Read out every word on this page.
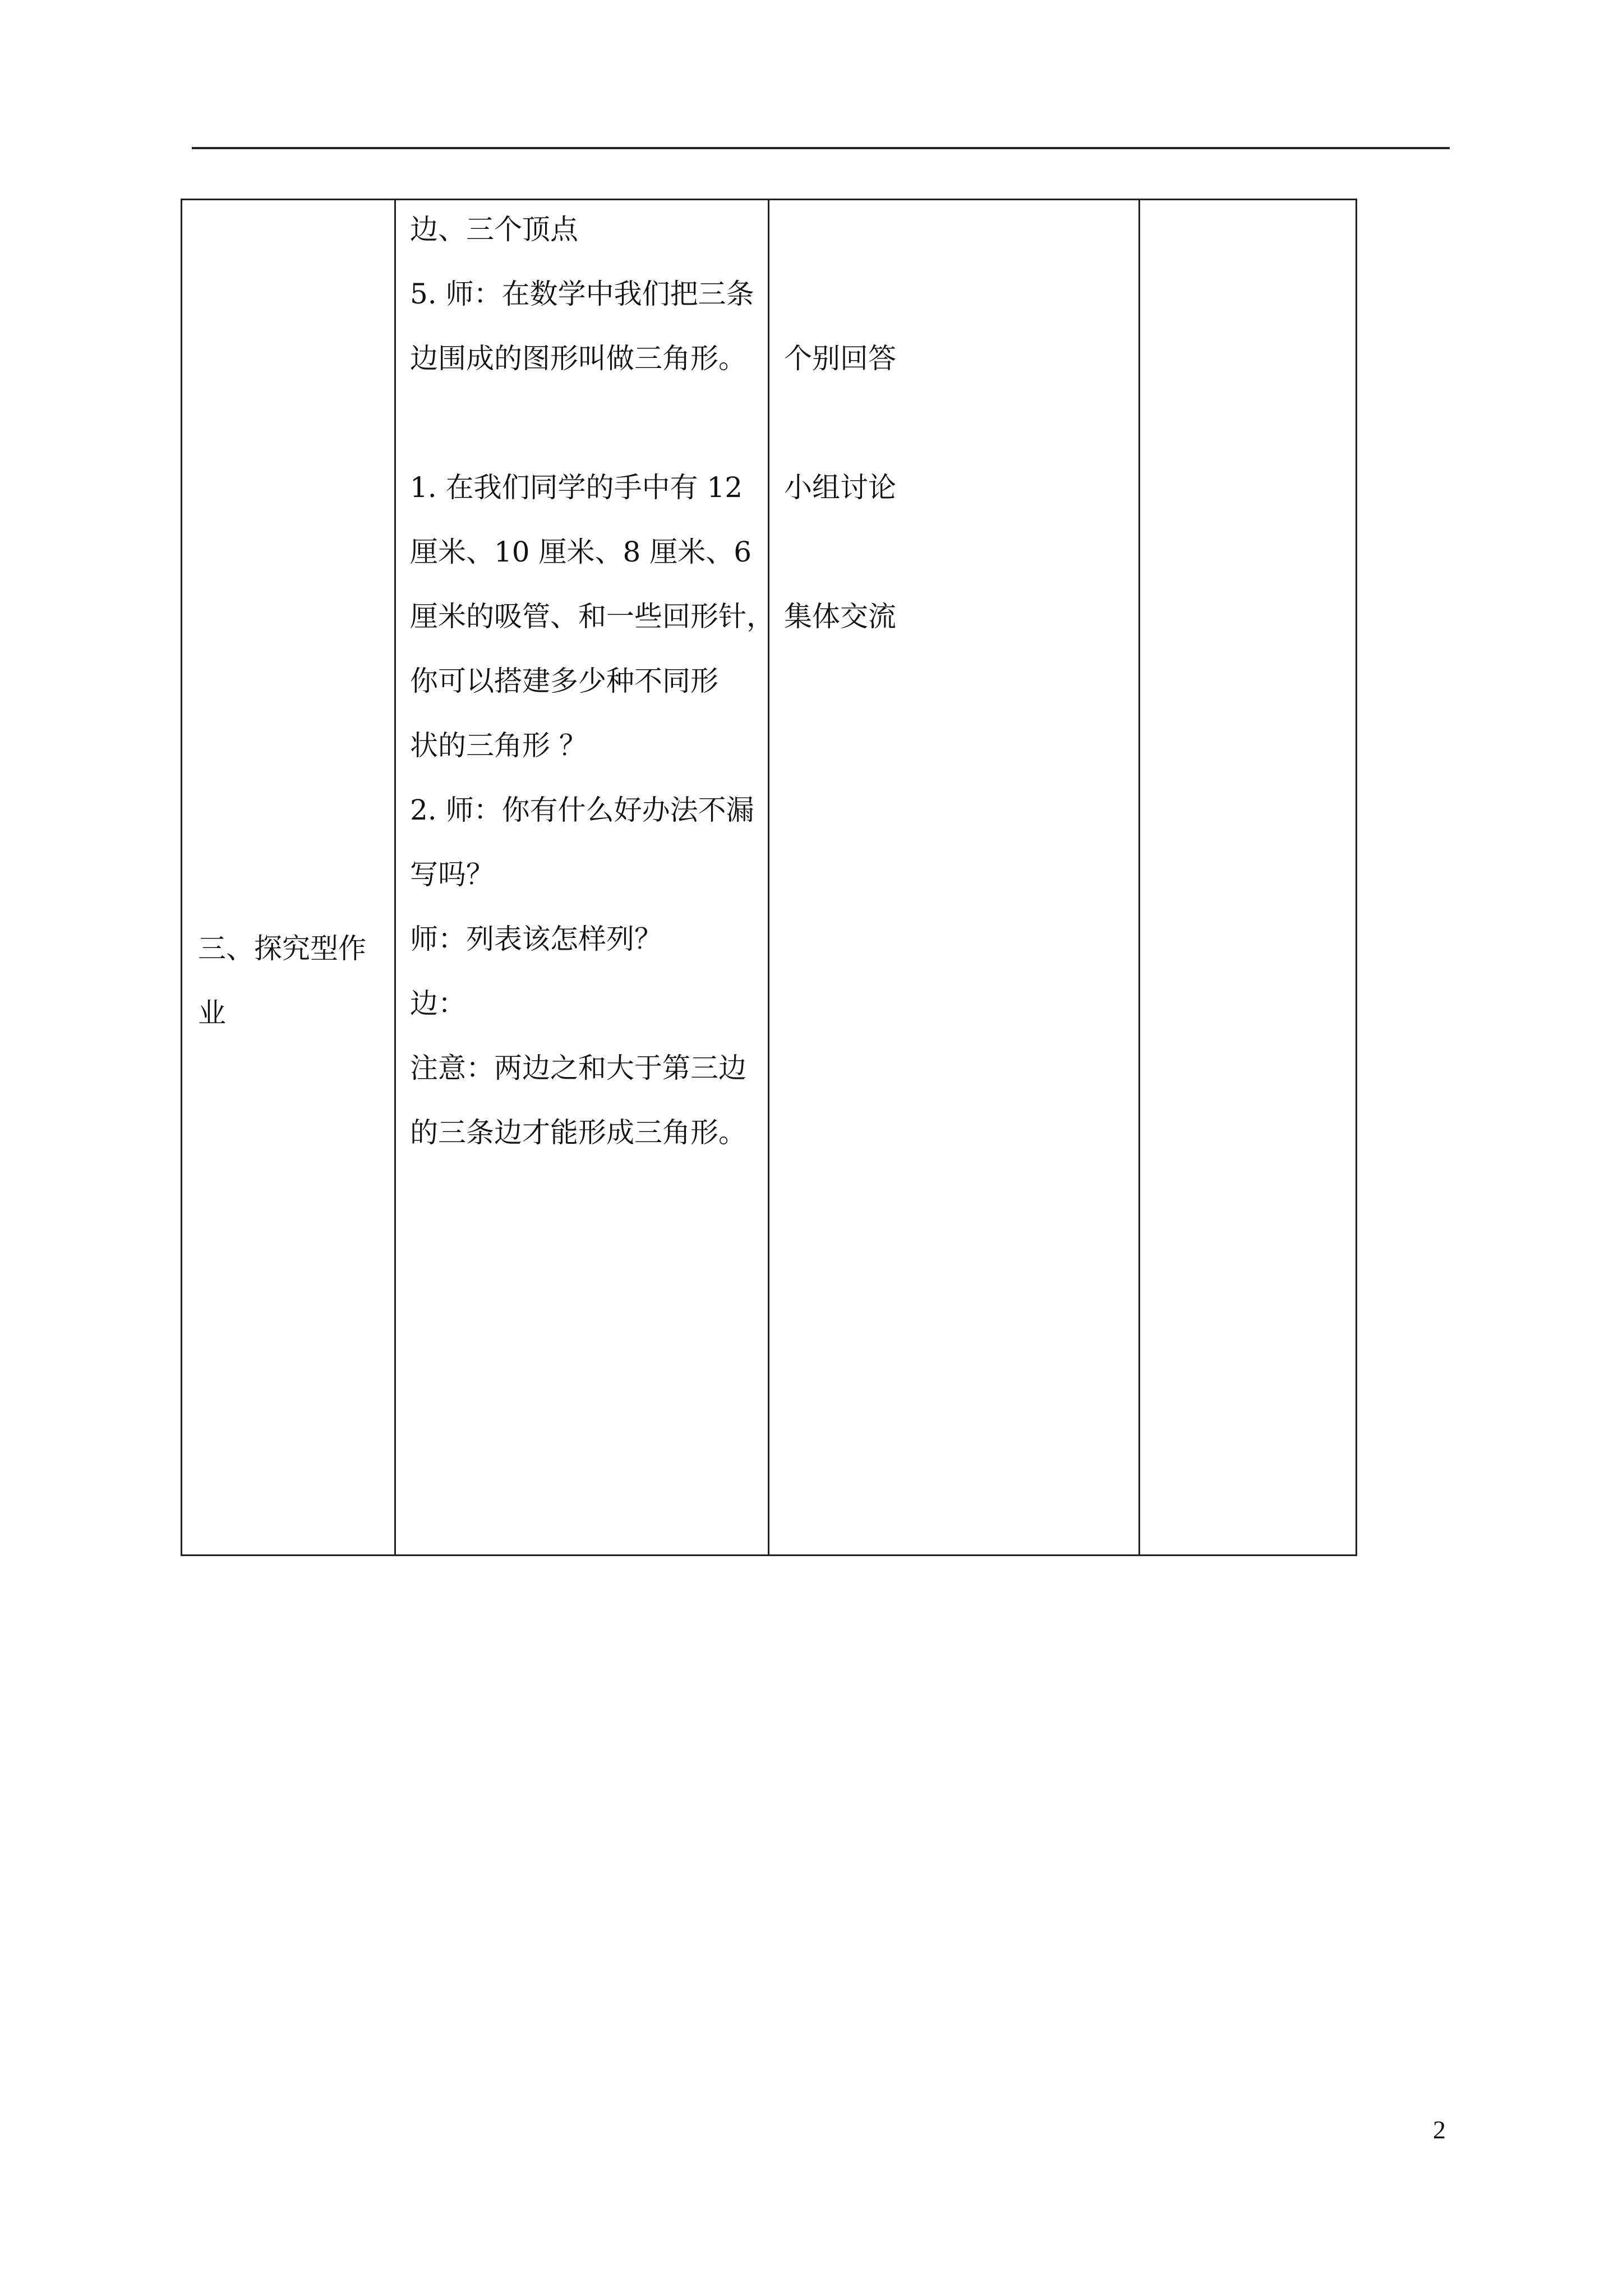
三、探究型作
业
边、三个顶点
5. 师：在数学中我们把三条
边围成的图形叫做三角形。

1. 在我们同学的手中有 12
厘米、10 厘米、8 厘米、6
厘米的吸管、和一些回形针，
你可以搭建多少种不同形
状的三角形 ？
2. 师：你有什么好办法不漏
写吗？
师：列表该怎样列？
边：
注意：两边之和大于第三边
的三条边才能形成三角形。
个别回答

小组讨论

集体交流
2
